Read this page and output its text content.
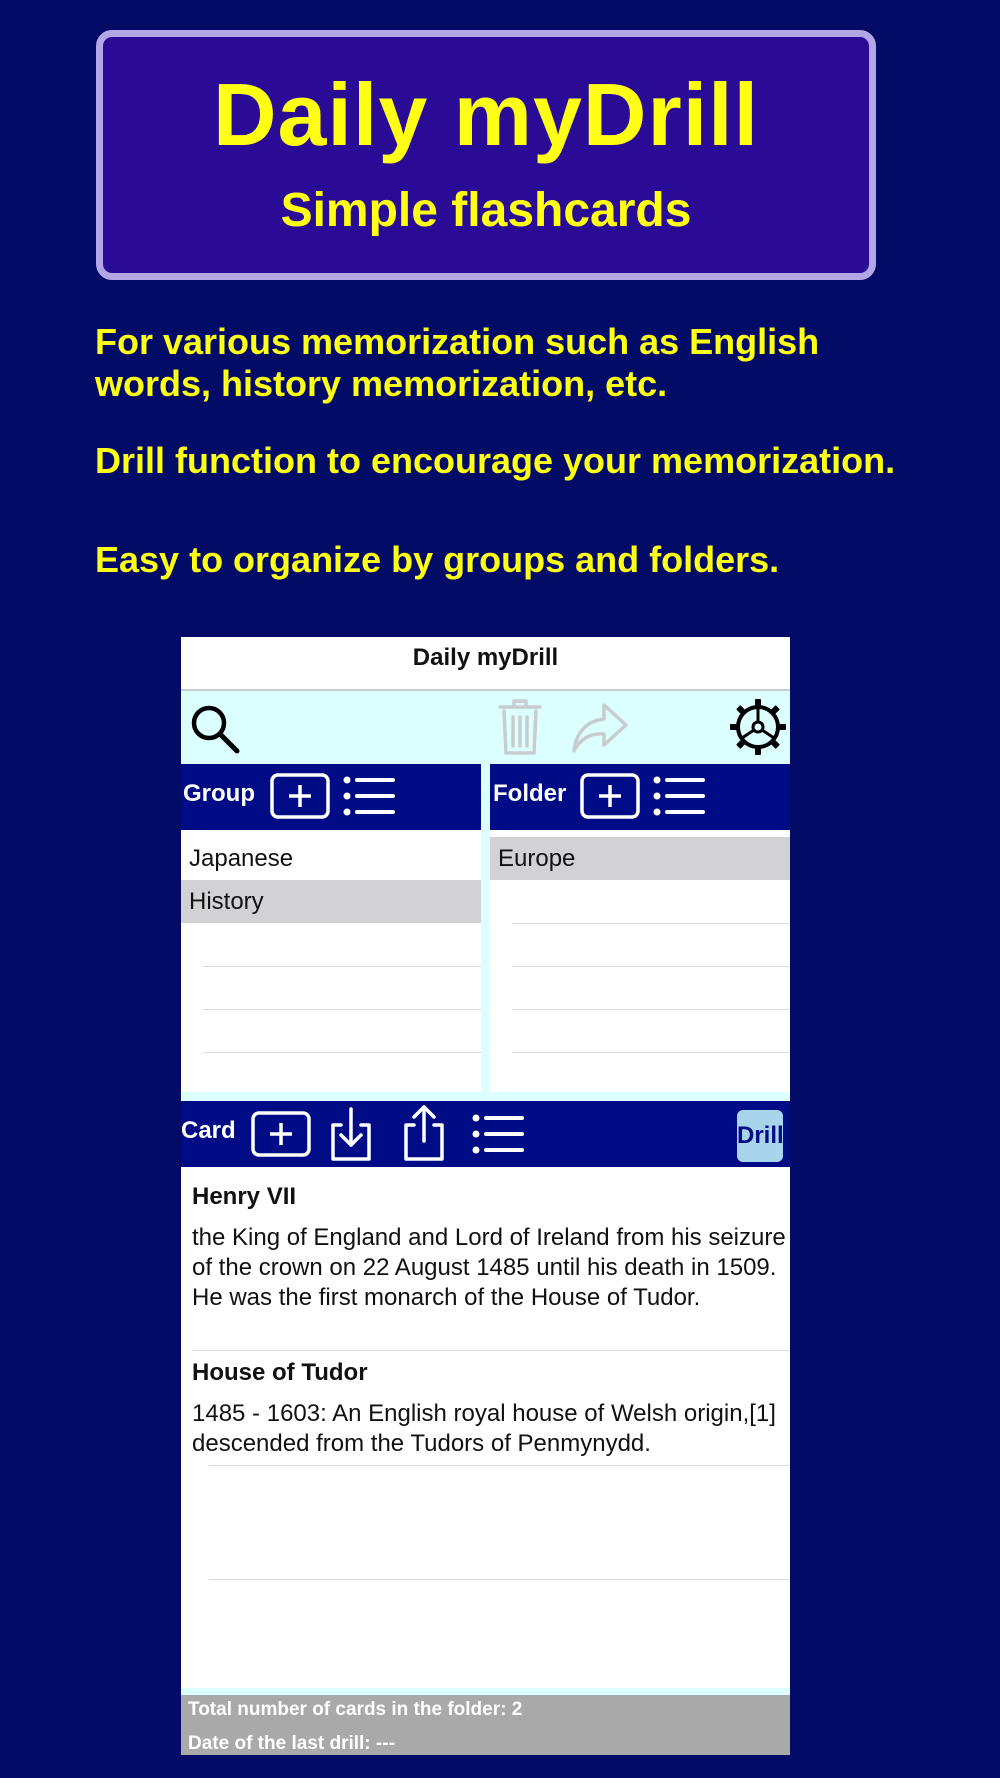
Daily myDrill
Simple flashcards
For various memorization such as English words, history memorization, etc.
Drill function to encourage your memorization.
Easy to organize by groups and folders.
Daily myDrill
Group	Folder
Japanese
History
Europe
Card	Drill
Henry VII
the King of England and Lord of Ireland from his seizure of the crown on 22 August 1485 until his death in 1509. He was the first monarch of the House of Tudor.
House of Tudor
1485 - 1603: An English royal house of Welsh origin,[1] descended from the Tudors of Penmynydd.
Total number of cards in the folder: 2
Date of the last drill: ---
